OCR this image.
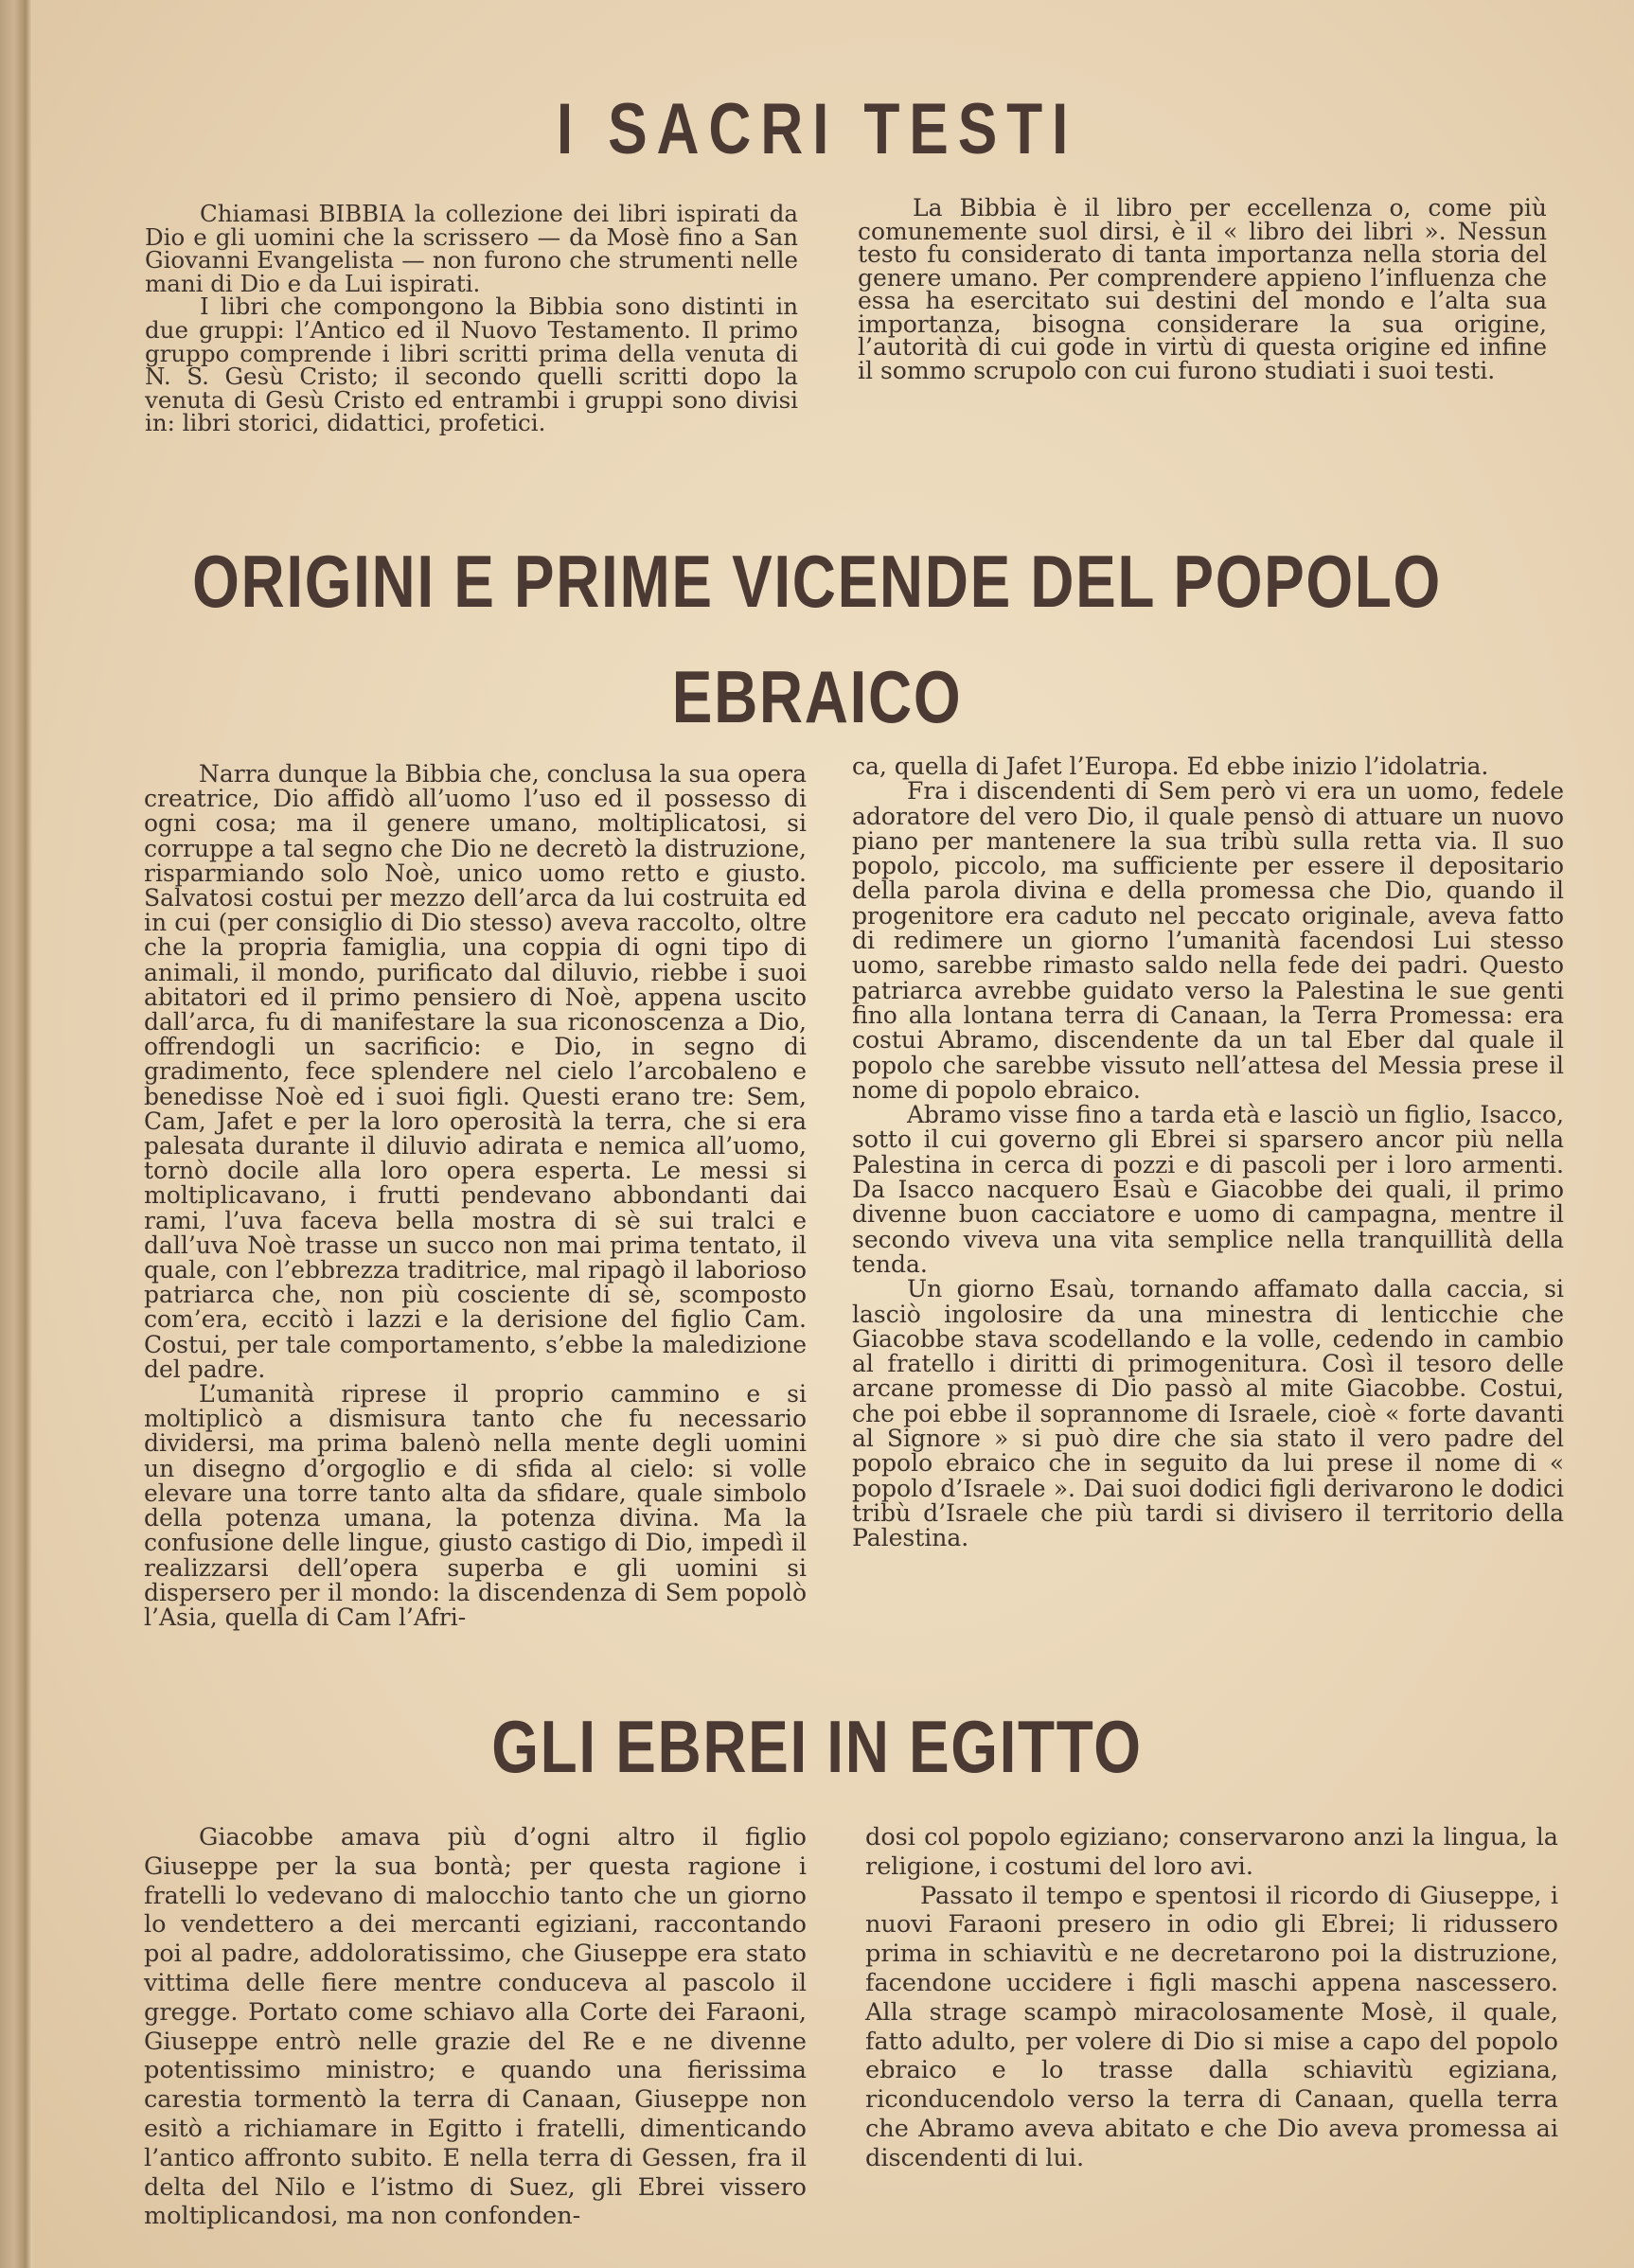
I SACRI TESTI

Chiamasi BIBBIA la collezione dei libri ispirati da Dio e gli uomini che la scrissero — da Mosè fino a San Giovanni Evangelista — non furono che strumenti nelle mani di Dio e da Lui ispirati.

I libri che compongono la Bibbia sono distinti in due gruppi: l’Antico ed il Nuovo Testamento. Il primo gruppo comprende i libri scritti prima della venuta di N. S. Gesù Cristo; il secondo quelli scritti dopo la venuta di Gesù Cristo ed entrambi i gruppi sono divisi in: libri storici, didattici, profetici.

La Bibbia è il libro per eccellenza o, come più comunemente suol dirsi, è il « libro dei libri ». Nessun testo fu considerato di tanta importanza nella storia del genere umano. Per comprendere appieno l’influenza che essa ha esercitato sui destini del mondo e l’alta sua importanza, bisogna considerare la sua origine, l’autorità di cui gode in virtù di questa origine ed infine il sommo scrupolo con cui furono studiati i suoi testi.

ORIGINI E PRIME VICENDE DEL POPOLO
EBRAICO

Narra dunque la Bibbia che, conclusa la sua opera creatrice, Dio affidò all’uomo l’uso ed il possesso di ogni cosa; ma il genere umano, moltiplicatosi, si corruppe a tal segno che Dio ne decretò la distruzione, risparmiando solo Noè, unico uomo retto e giusto. Salvatosi costui per mezzo dell’arca da lui costruita ed in cui (per consiglio di Dio stesso) aveva raccolto, oltre che la propria famiglia, una coppia di ogni tipo di animali, il mondo, purificato dal diluvio, riebbe i suoi abitatori ed il primo pensiero di Noè, appena uscito dall’arca, fu di manifestare la sua riconoscenza a Dio, offrendogli un sacrificio: e Dio, in segno di gradimento, fece splendere nel cielo l’arcobaleno e benedisse Noè ed i suoi figli. Questi erano tre: Sem, Cam, Jafet e per la loro operosità la terra, che si era palesata durante il diluvio adirata e nemica all’uomo, tornò docile alla loro opera esperta. Le messi si moltiplicavano, i frutti pendevano abbondanti dai rami, l’uva faceva bella mostra di sè sui tralci e dall’uva Noè trasse un succo non mai prima tentato, il quale, con l’ebbrezza traditrice, mal ripagò il laborioso patriarca che, non più cosciente di sè, scomposto com’era, eccitò i lazzi e la derisione del figlio Cam. Costui, per tale comportamento, s’ebbe la maledizione del padre.

L’umanità riprese il proprio cammino e si moltiplicò a dismisura tanto che fu necessario dividersi, ma prima balenò nella mente degli uomini un disegno d’orgoglio e di sfida al cielo: si volle elevare una torre tanto alta da sfidare, quale simbolo della potenza umana, la potenza divina. Ma la confusione delle lingue, giusto castigo di Dio, impedì il realizzarsi dell’opera superba e gli uomini si dispersero per il mondo: la discendenza di Sem popolò l’Asia, quella di Cam l’Afri-

ca, quella di Jafet l’Europa. Ed ebbe inizio l’idolatria.

Fra i discendenti di Sem però vi era un uomo, fedele adoratore del vero Dio, il quale pensò di attuare un nuovo piano per mantenere la sua tribù sulla retta via. Il suo popolo, piccolo, ma sufficiente per essere il depositario della parola divina e della promessa che Dio, quando il progenitore era caduto nel peccato originale, aveva fatto di redimere un giorno l’umanità facendosi Lui stesso uomo, sarebbe rimasto saldo nella fede dei padri. Questo patriarca avrebbe guidato verso la Palestina le sue genti fino alla lontana terra di Canaan, la Terra Promessa: era costui Abramo, discendente da un tal Eber dal quale il popolo che sarebbe vissuto nell’attesa del Messia prese il nome di popolo ebraico.

Abramo visse fino a tarda età e lasciò un figlio, Isacco, sotto il cui governo gli Ebrei si sparsero ancor più nella Palestina in cerca di pozzi e di pascoli per i loro armenti. Da Isacco nacquero Esaù e Giacobbe dei quali, il primo divenne buon cacciatore e uomo di campagna, mentre il secondo viveva una vita semplice nella tranquillità della tenda.

Un giorno Esaù, tornando affamato dalla caccia, si lasciò ingolosire da una minestra di lenticchie che Giacobbe stava scodellando e la volle, cedendo in cambio al fratello i diritti di primogenitura. Così il tesoro delle arcane promesse di Dio passò al mite Giacobbe. Costui, che poi ebbe il soprannome di Israele, cioè « forte davanti al Signore » si può dire che sia stato il vero padre del popolo ebraico che in seguito da lui prese il nome di « popolo d’Israele ». Dai suoi dodici figli derivarono le dodici tribù d’Israele che più tardi si divisero il territorio della Palestina.

GLI EBREI IN EGITTO

Giacobbe amava più d’ogni altro il figlio Giuseppe per la sua bontà; per questa ragione i fratelli lo vedevano di malocchio tanto che un giorno lo vendettero a dei mercanti egiziani, raccontando poi al padre, addoloratissimo, che Giuseppe era stato vittima delle fiere mentre conduceva al pascolo il gregge. Portato come schiavo alla Corte dei Faraoni, Giuseppe entrò nelle grazie del Re e ne divenne potentissimo ministro; e quando una fierissima carestia tormentò la terra di Canaan, Giuseppe non esitò a richiamare in Egitto i fratelli, dimenticando l’antico affronto subito. E nella terra di Gessen, fra il delta del Nilo e l’istmo di Suez, gli Ebrei vissero moltiplicandosi, ma non confonden-

dosi col popolo egiziano; conservarono anzi la lingua, la religione, i costumi del loro avi.

Passato il tempo e spentosi il ricordo di Giuseppe, i nuovi Faraoni presero in odio gli Ebrei; li ridussero prima in schiavitù e ne decretarono poi la distruzione, facendone uccidere i figli maschi appena nascessero. Alla strage scampò miracolosamente Mosè, il quale, fatto adulto, per volere di Dio si mise a capo del popolo ebraico e lo trasse dalla schiavitù egiziana, riconducendolo verso la terra di Canaan, quella terra che Abramo aveva abitato e che Dio aveva promessa ai discendenti di lui.
